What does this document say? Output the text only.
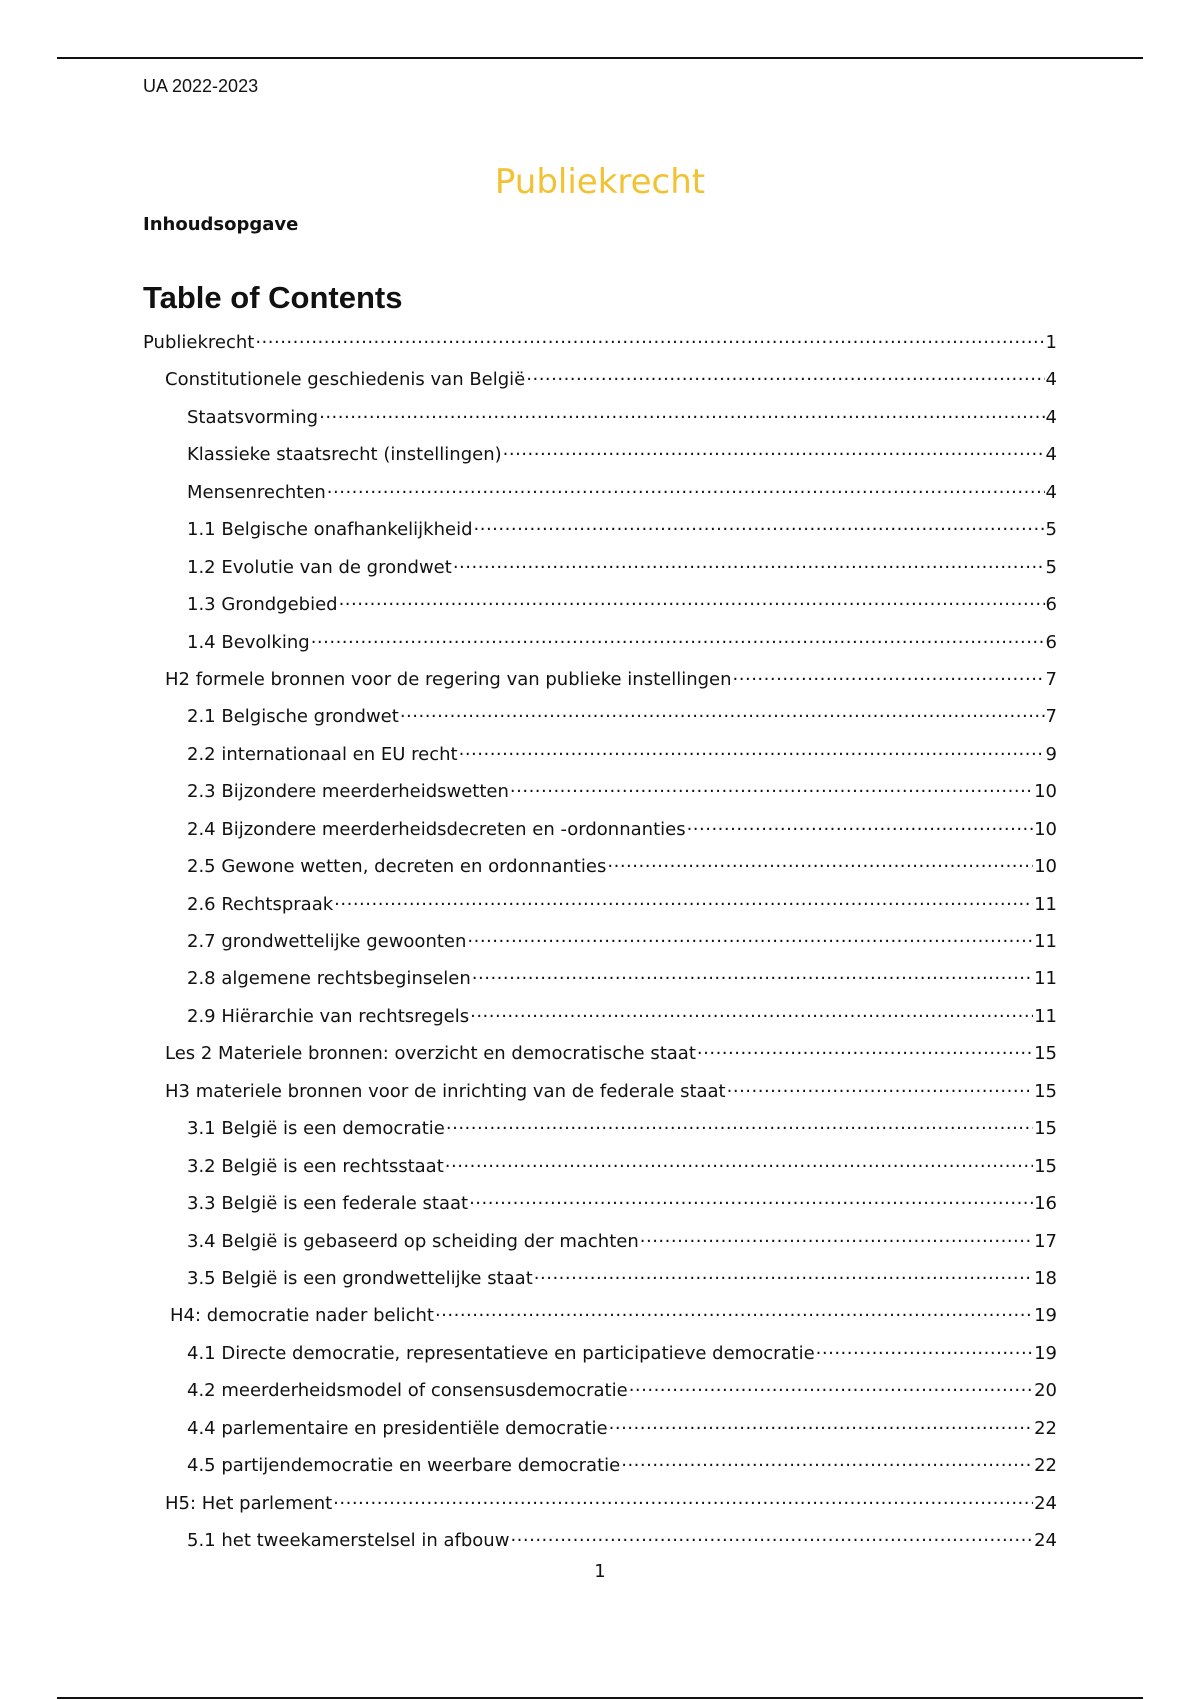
UA 2022-2023
Publiekrecht
Inhoudsopgave
Table of Contents
Publiekrecht .....	1
Constitutionele geschiedenis van België .....	4
Staatsvorming .....	4
Klassieke staatsrecht (instellingen) .....	4
Mensenrechten .....	4
1.1 Belgische onafhankelijkheid .....	5
1.2 Evolutie van de grondwet .....	5
1.3 Grondgebied .....	6
1.4 Bevolking .....	6
H2 formele bronnen voor de regering van publieke instellingen .....	7
2.1 Belgische grondwet .....	7
2.2 internationaal en EU recht .....	9
2.3 Bijzondere meerderheidswetten .....	10
2.4 Bijzondere meerderheidsdecreten en -ordonnanties .....	10
2.5 Gewone wetten, decreten en ordonnanties .....	10
2.6 Rechtspraak .....	11
2.7 grondwettelijke gewoonten .....	11
2.8 algemene rechtsbeginselen .....	11
2.9 Hiërarchie van rechtsregels .....	11
Les 2 Materiele bronnen: overzicht en democratische staat .....	15
H3 materiele bronnen voor de inrichting van de federale staat .....	15
3.1 België is een democratie .....	15
3.2 België is een rechtsstaat .....	15
3.3 België is een federale staat .....	16
3.4 België is gebaseerd op scheiding der machten .....	17
3.5 België is een grondwettelijke staat .....	18
H4: democratie nader belicht .....	19
4.1 Directe democratie, representatieve en participatieve democratie .....	19
4.2 meerderheidsmodel of consensusdemocratie .....	20
4.4 parlementaire en presidentiële democratie .....	22
4.5 partijendemocratie en weerbare democratie .....	22
H5: Het parlement .....	24
5.1 het tweekamerstelsel in afbouw .....	24
1
